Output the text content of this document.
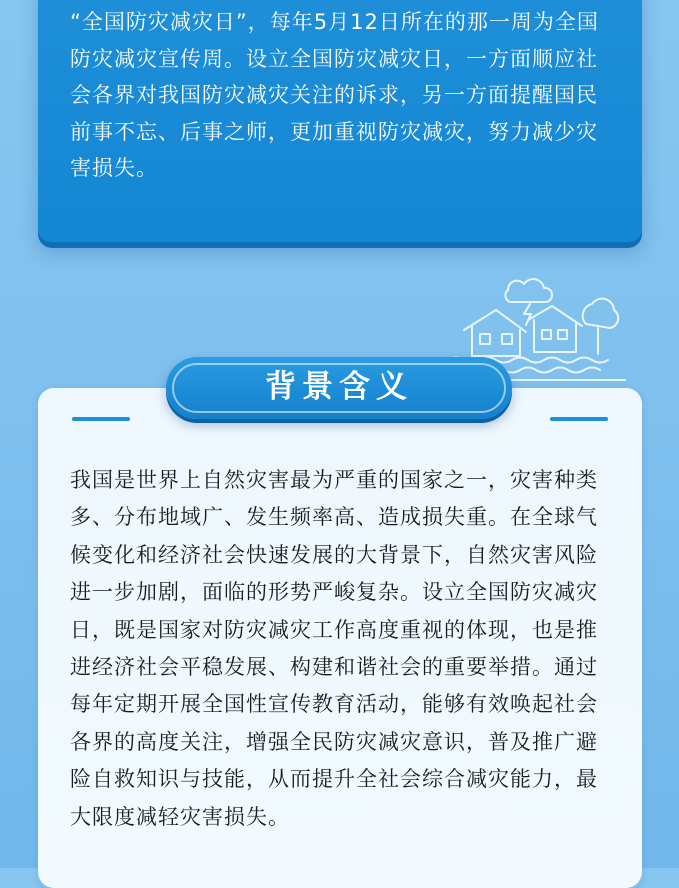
“全国防灾减灾日”，每年5月12日所在的那一周为全国防灾减灾宣传周。设立全国防灾减灾日，一方面顺应社会各界对我国防灾减灾关注的诉求，另一方面提醒国民前事不忘、后事之师，更加重视防灾减灾，努力减少灾害损失。
背景含义
我国是世界上自然灾害最为严重的国家之一，灾害种类多、分布地域广、发生频率高、造成损失重。在全球气候变化和经济社会快速发展的大背景下，自然灾害风险进一步加剧，面临的形势严峻复杂。设立全国防灾减灾日，既是国家对防灾减灾工作高度重视的体现，也是推进经济社会平稳发展、构建和谐社会的重要举措。通过每年定期开展全国性宣传教育活动，能够有效唤起社会各界的高度关注，增强全民防灾减灾意识，普及推广避险自救知识与技能，从而提升全社会综合减灾能力，最大限度减轻灾害损失。
